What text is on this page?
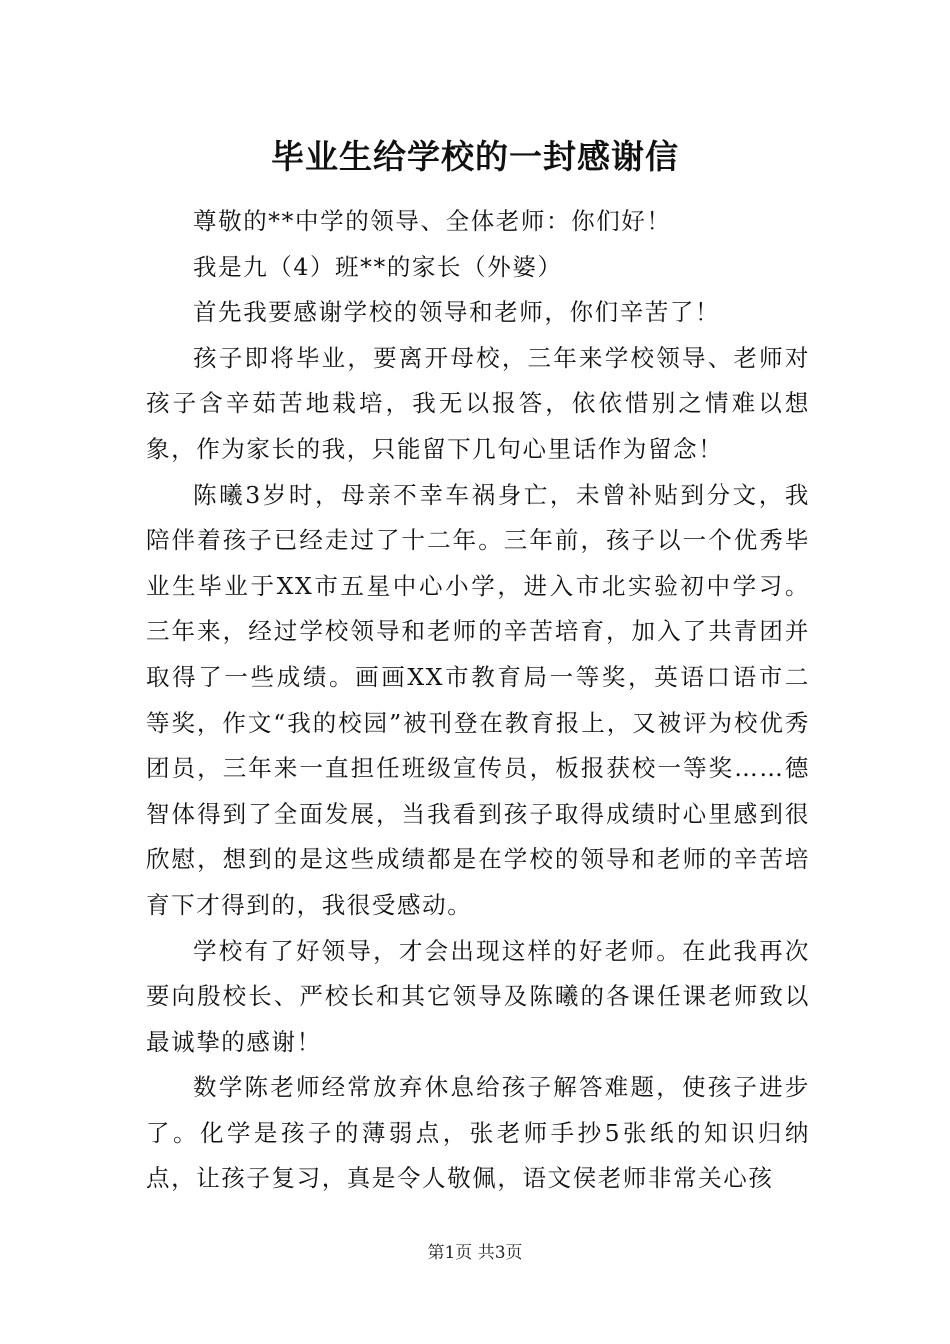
毕业生给学校的一封感谢信

尊敬的**中学的领导、全体老师：你们好！

我是九（4）班**的家长（外婆）

首先我要感谢学校的领导和老师，你们辛苦了！

孩子即将毕业，要离开母校，三年来学校领导、老师对孩子含辛茹苦地栽培，我无以报答，依依惜别之情难以想象，作为家长的我，只能留下几句心里话作为留念！

陈曦3岁时，母亲不幸车祸身亡，未曾补贴到分文，我陪伴着孩子已经走过了十二年。三年前，孩子以一个优秀毕业生毕业于XX市五星中心小学，进入市北实验初中学习。三年来，经过学校领导和老师的辛苦培育，加入了共青团并取得了一些成绩。画画XX市教育局一等奖，英语口语市二等奖，作文“我的校园”被刊登在教育报上，又被评为校优秀团员，三年来一直担任班级宣传员，板报获校一等奖……德智体得到了全面发展，当我看到孩子取得成绩时心里感到很欣慰，想到的是这些成绩都是在学校的领导和老师的辛苦培育下才得到的，我很受感动。

学校有了好领导，才会出现这样的好老师。在此我再次要向殷校长、严校长和其它领导及陈曦的各课任课老师致以最诚挚的感谢！

数学陈老师经常放弃休息给孩子解答难题，使孩子进步了。化学是孩子的薄弱点，张老师手抄5张纸的知识归纳点，让孩子复习，真是令人敬佩，语文侯老师非常关心孩

第1页 共3页
